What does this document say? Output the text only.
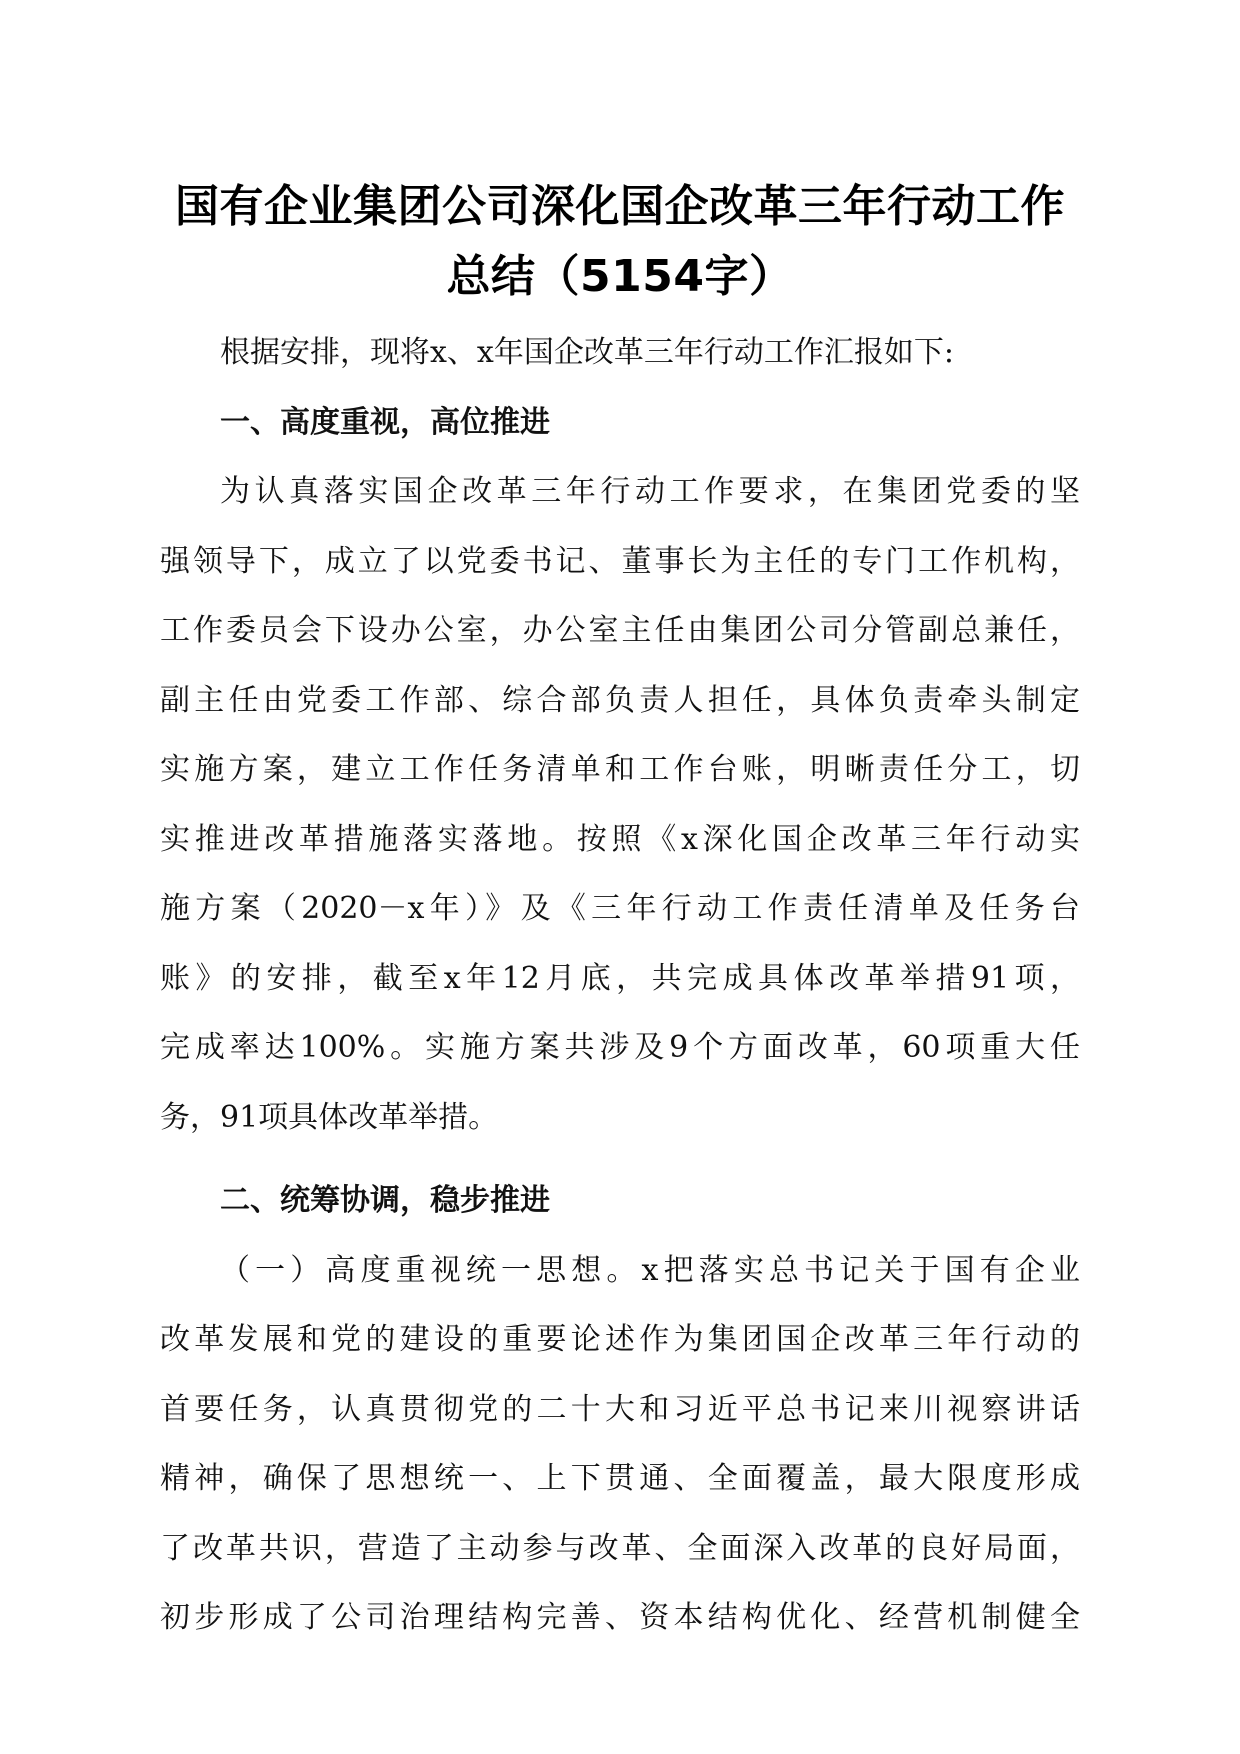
国有企业集团公司深化国企改革三年行动工作
总结（5154字）
根据安排，现将x、x年国企改革三年行动工作汇报如下:
一、高度重视，高位推进
为认真落实国企改革三年行动工作要求，在集团党委的坚
强领导下，成立了以党委书记、董事长为主任的专门工作机构，
工作委员会下设办公室，办公室主任由集团公司分管副总兼任，
副主任由党委工作部、综合部负责人担任，具体负责牵头制定
实施方案，建立工作任务清单和工作台账，明晰责任分工，切
实推进改革措施落实落地。按照《x深化国企改革三年行动实
施方案（2020－x年）》及《三年行动工作责任清单及任务台
账》的安排，截至x年12月底，共完成具体改革举措91项，
完成率达100%。实施方案共涉及9个方面改革，60项重大任
务，91项具体改革举措。
二、统筹协调，稳步推进
（一）高度重视统一思想。x把落实总书记关于国有企业
改革发展和党的建设的重要论述作为集团国企改革三年行动的
首要任务，认真贯彻党的二十大和习近平总书记来川视察讲话
精神，确保了思想统一、上下贯通、全面覆盖，最大限度形成
了改革共识，营造了主动参与改革、全面深入改革的良好局面，
初步形成了公司治理结构完善、资本结构优化、经营机制健全
